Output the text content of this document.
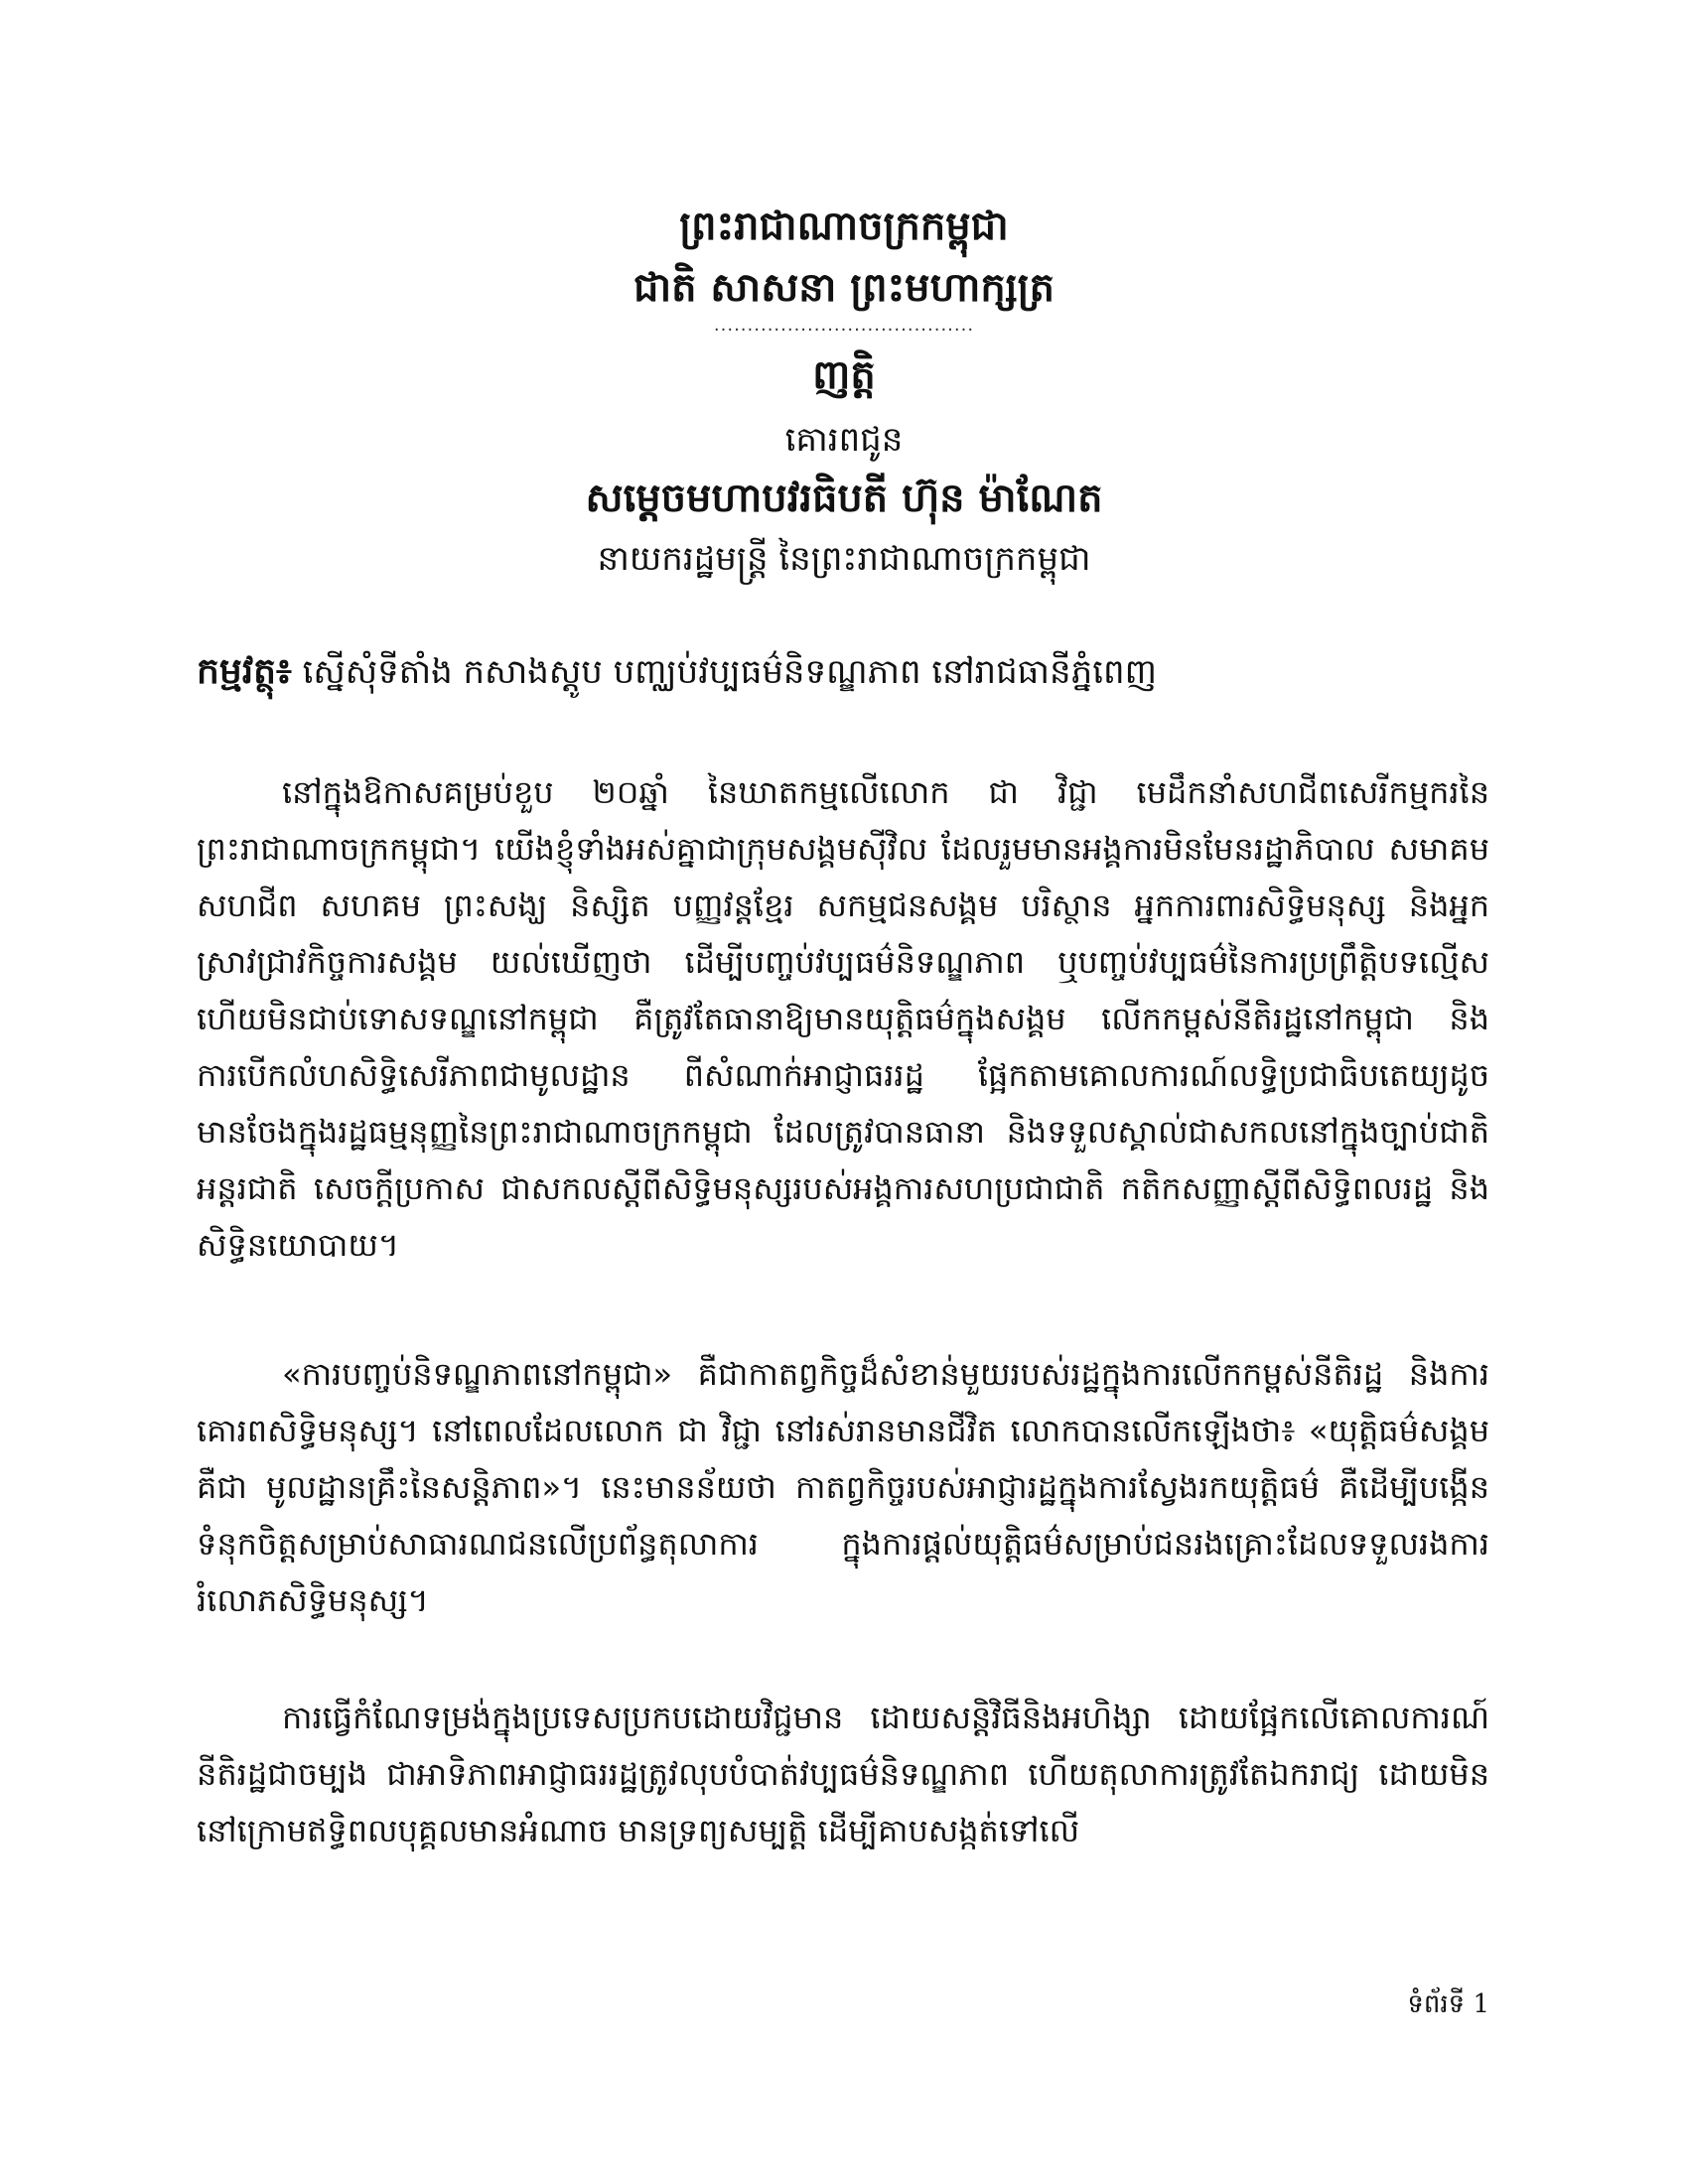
ព្រះរាជាណាចក្រកម្ពុជា
ជាតិ សាសនា ព្រះមហាក្សត្រ
.......................................
ញត្តិ
គោរពជូន
សម្តេចមហាបវរធិបតី ហ៊ុន ម៉ាណែត
នាយករដ្ឋមន្ត្រី នៃព្រះរាជាណាចក្រកម្ពុជា
កម្មវត្ថុ៖ ស្នើសុំទីតាំង កសាងស្តូប បញ្ឈប់វប្បធម៌និទណ្ឌភាព នៅរាជធានីភ្នំពេញ

នៅក្នុងឱកាសគម្រប់ខួប ២០ឆ្នាំ នៃឃាតកម្មលើលោក ជា វិជ្ជា មេដឹកនាំសហជីពសេរីកម្មករនៃព្រះរាជាណាចក្រកម្ពុជា។ យើងខ្ញុំទាំងអស់គ្នាជាក្រុមសង្គមស៊ីវិល ដែលរួមមានអង្គការមិនមែនរដ្ឋាភិបាល សមាគម សហជីព សហគម ព្រះសង្ឃ និស្សិត បញ្ញវន្តខ្មែរ សកម្មជនសង្គម បរិស្ថាន អ្នកការពារសិទ្ធិមនុស្ស និងអ្នកស្រាវជ្រាវកិច្ចការសង្គម យល់ឃើញថា ដើម្បីបញ្ចប់វប្បធម៌និទណ្ឌភាព ឬបញ្ចប់វប្បធម៌នៃការប្រព្រឹត្តិបទល្មើសហើយមិនជាប់ទោសទណ្ឌនៅកម្ពុជា គឺត្រូវតែធានាឱ្យមានយុត្តិធម៌ក្នុងសង្គម លើកកម្ពស់នីតិរដ្ឋនៅកម្ពុជា និងការបើកលំហសិទ្ធិសេរីភាពជាមូលដ្ឋាន ពីសំណាក់អាជ្ញាធររដ្ឋ ផ្អែកតាមគោលការណ៍លទ្ធិប្រជាធិបតេយ្យដូចមានចែងក្នុងរដ្ឋធម្មនុញ្ញនៃព្រះរាជាណាចក្រកម្ពុជា ដែលត្រូវបានធានា និងទទួលស្គាល់ជាសកលនៅក្នុងច្បាប់ជាតិ អន្តរជាតិ សេចក្តីប្រកាស ជាសកលស្តីពីសិទ្ធិមនុស្សរបស់អង្គការសហប្រជាជាតិ កតិកសញ្ញាស្តីពីសិទ្ធិពលរដ្ឋ និងសិទ្ធិនយោបាយ។

«ការបញ្ចប់និទណ្ឌភាពនៅកម្ពុជា» គឺជាកាតព្វកិច្ចដ៏សំខាន់មួយរបស់រដ្ឋក្នុងការលើកកម្ពស់នីតិរដ្ឋ និងការគោរពសិទ្ធិមនុស្ស។ នៅពេលដែលលោក ជា វិជ្ជា នៅរស់រានមានជីវិត លោកបានលើកឡើងថា៖ «យុត្តិធម៌សង្គមគឺជា មូលដ្ឋានគ្រឹះនៃសន្តិភាព»។ នេះមានន័យថា កាតព្វកិច្ចរបស់អាជ្ញារដ្ឋក្នុងការស្វែងរកយុត្តិធម៌ គឺដើម្បីបង្កើនទំនុកចិត្តសម្រាប់សាធារណជនលើប្រព័ន្ធតុលាការ ក្នុងការផ្តល់យុត្តិធម៌សម្រាប់ជនរងគ្រោះដែលទទួលរងការរំលោភសិទ្ធិមនុស្ស។

ការធ្វើកំណែទម្រង់ក្នុងប្រទេសប្រកបដោយវិជ្ជមាន ដោយសន្តិវិធីនិងអហិង្សា ដោយផ្អែកលើគោលការណ៍នីតិរដ្ឋជាចម្បង ជាអាទិភាពអាជ្ញាធររដ្ឋត្រូវលុបបំបាត់វប្បធម៌និទណ្ឌភាព ហើយតុលាការត្រូវតែឯករាជ្យ ដោយមិននៅក្រោមឥទ្ធិពលបុគ្គលមានអំណាច មានទ្រព្យសម្បត្តិ ដើម្បីគាបសង្កត់ទៅលើ

ទំព័រទី 1
